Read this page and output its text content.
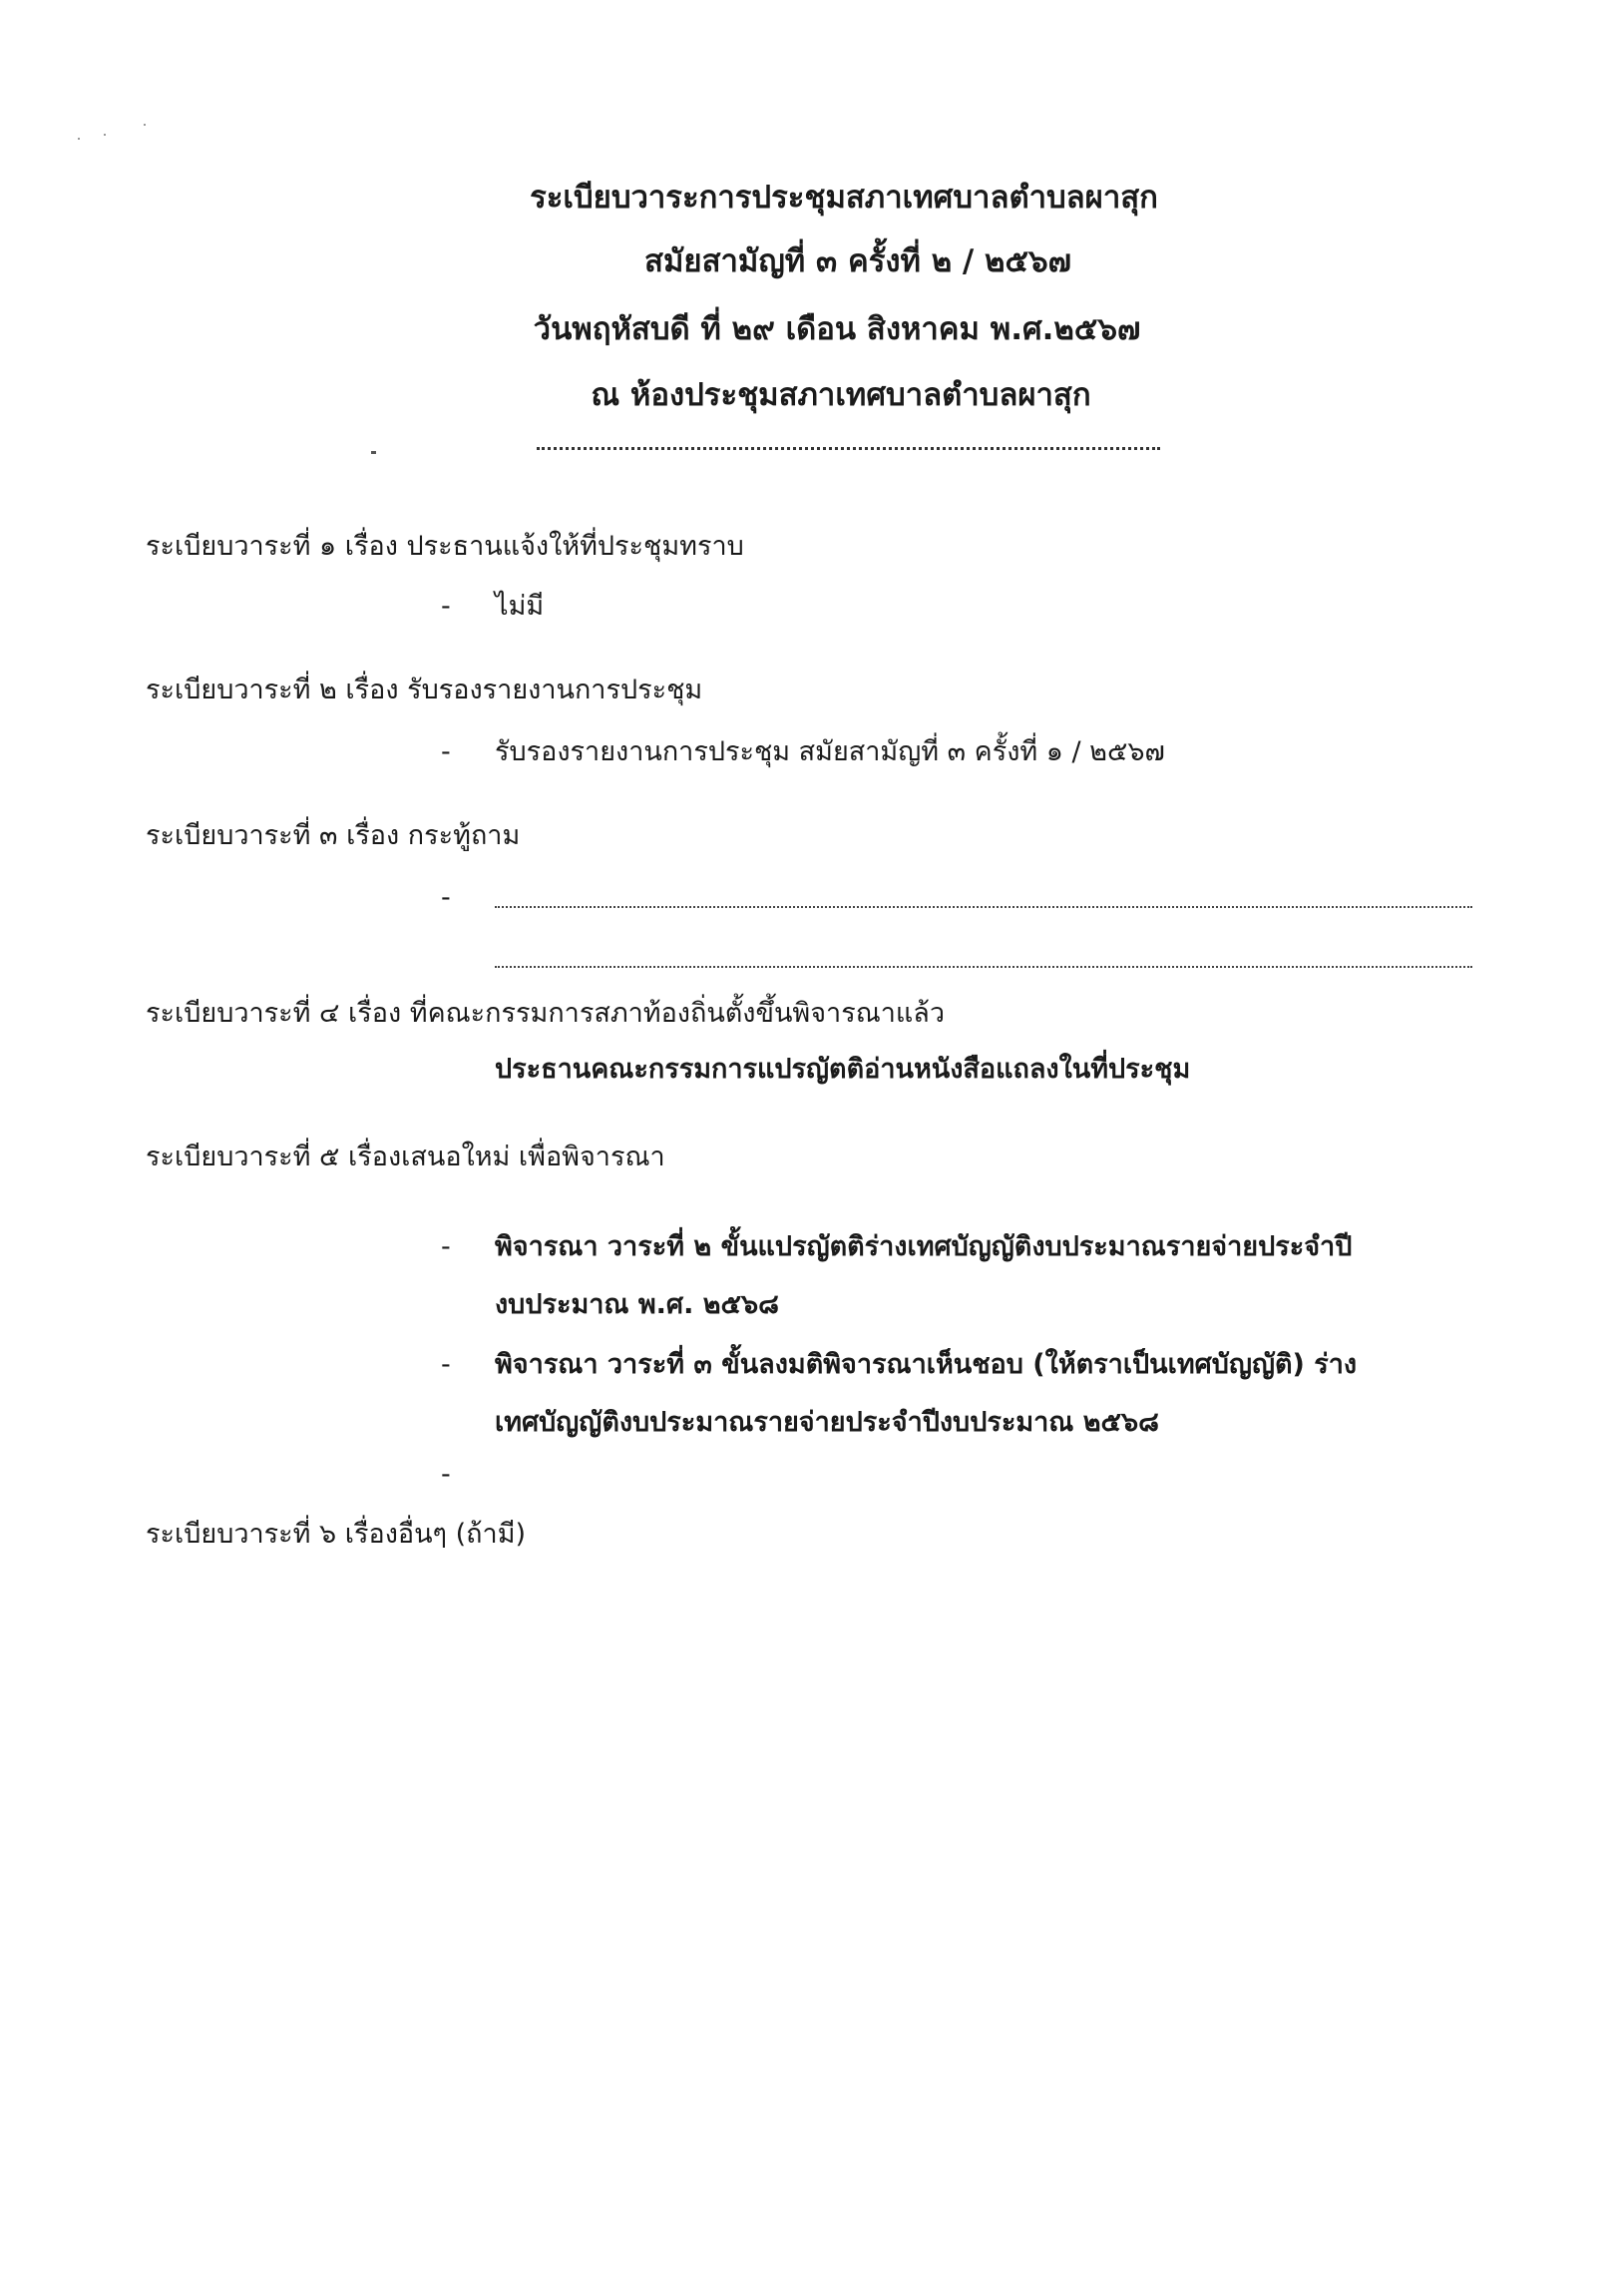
ระเบียบวาระการประชุมสภาเทศบาลตำบลผาสุก
สมัยสามัญที่ ๓ ครั้งที่ ๒ / ๒๕๖๗
วันพฤหัสบดี ที่ ๒๙ เดือน สิงหาคม พ.ศ.๒๕๖๗
ณ ห้องประชุมสภาเทศบาลตำบลผาสุก
ระเบียบวาระที่ ๑ เรื่อง ประธานแจ้งให้ที่ประชุมทราบ
- ไม่มี
ระเบียบวาระที่ ๒ เรื่อง รับรองรายงานการประชุม
- รับรองรายงานการประชุม สมัยสามัญที่ ๓ ครั้งที่ ๑ / ๒๕๖๗
ระเบียบวาระที่ ๓ เรื่อง กระทู้ถาม
-
ระเบียบวาระที่ ๔ เรื่อง ที่คณะกรรมการสภาท้องถิ่นตั้งขึ้นพิจารณาแล้ว
ประธานคณะกรรมการแปรญัตติอ่านหนังสือแถลงในที่ประชุม
ระเบียบวาระที่ ๕ เรื่องเสนอใหม่ เพื่อพิจารณา
- พิจารณา วาระที่ ๒ ขั้นแปรญัตติร่างเทศบัญญัติงบประมาณรายจ่ายประจำปี
งบประมาณ พ.ศ. ๒๕๖๘
- พิจารณา วาระที่ ๓ ขั้นลงมติพิจารณาเห็นชอบ (ให้ตราเป็นเทศบัญญัติ) ร่าง
เทศบัญญัติงบประมาณรายจ่ายประจำปีงบประมาณ ๒๕๖๘
-
ระเบียบวาระที่ ๖ เรื่องอื่นๆ (ถ้ามี)
